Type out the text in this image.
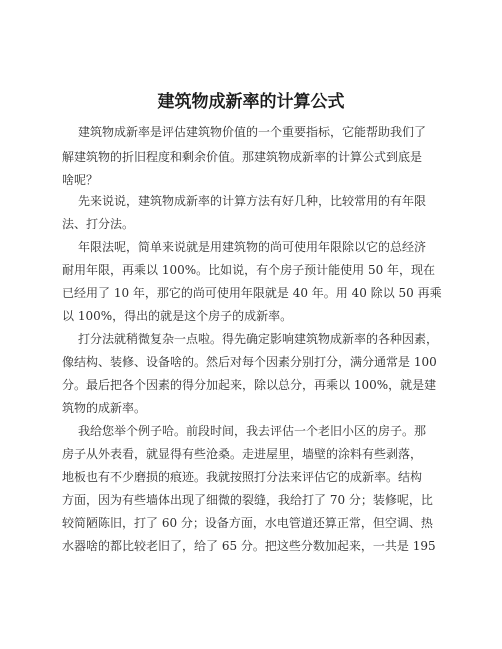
建筑物成新率的计算公式
建筑物成新率是评估建筑物价值的一个重要指标，它能帮助我们了
解建筑物的折旧程度和剩余价值。那建筑物成新率的计算公式到底是
啥呢？
先来说说，建筑物成新率的计算方法有好几种，比较常用的有年限
法、打分法。
年限法呢，简单来说就是用建筑物的尚可使用年限除以它的总经济
耐用年限，再乘以 100%。比如说，有个房子预计能使用 50 年，现在
已经用了 10 年，那它的尚可使用年限就是 40 年。用 40 除以 50 再乘
以 100%，得出的就是这个房子的成新率。
打分法就稍微复杂一点啦。得先确定影响建筑物成新率的各种因素，
像结构、装修、设备啥的。然后对每个因素分别打分，满分通常是 100
分。最后把各个因素的得分加起来，除以总分，再乘以 100%，就是建
筑物的成新率。
我给您举个例子哈。前段时间，我去评估一个老旧小区的房子。那
房子从外表看，就显得有些沧桑。走进屋里，墙壁的涂料有些剥落，
地板也有不少磨损的痕迹。我就按照打分法来评估它的成新率。结构
方面，因为有些墙体出现了细微的裂缝，我给打了 70 分；装修呢，比
较简陋陈旧，打了 60 分；设备方面，水电管道还算正常，但空调、热
水器啥的都比较老旧了，给了 65 分。把这些分数加起来，一共是 195
